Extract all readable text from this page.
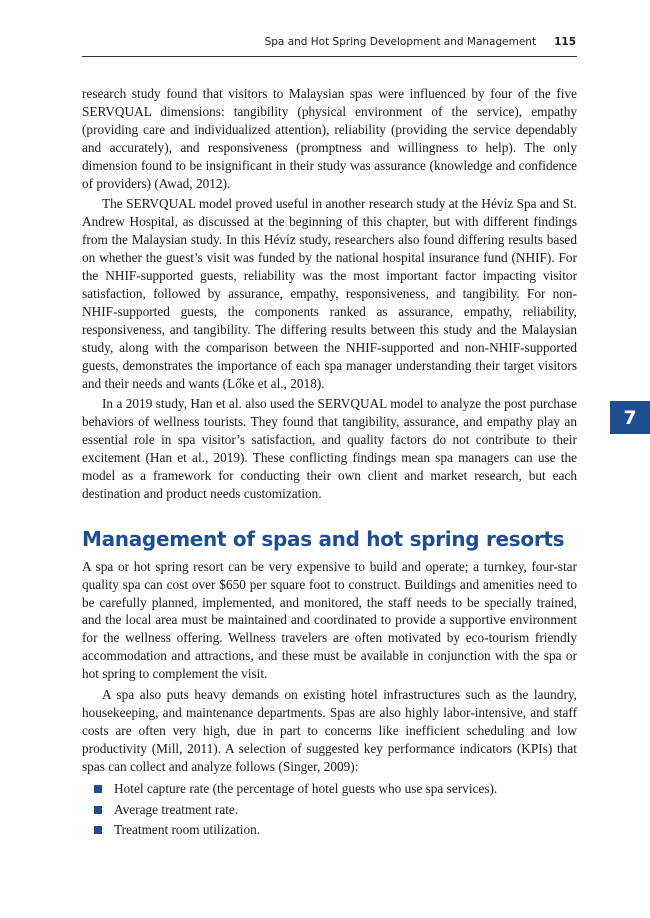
Spa and Hot Spring Development and Management 115

research study found that visitors to Malaysian spas were influenced by four of the five SERVQUAL dimensions: tangibility (physical environment of the service), empathy (providing care and individualized attention), reliability (providing the service dependably and accurately), and responsiveness (promptness and willingness to help). The only dimension found to be insignificant in their study was assurance (knowledge and confidence of providers) (Awad, 2012).

The SERVQUAL model proved useful in another research study at the Hévíz Spa and St. Andrew Hospital, as discussed at the beginning of this chapter, but with different findings from the Malaysian study. In this Hévíz study, researchers also found differing results based on whether the guest’s visit was funded by the national hospital insurance fund (NHIF). For the NHIF-supported guests, reliability was the most important factor impacting visitor satisfaction, followed by assurance, empathy, responsiveness, and tangibility. For non-NHIF-supported guests, the components ranked as assurance, empathy, reliability, responsiveness, and tangibility. The differing results between this study and the Malaysian study, along with the comparison between the NHIF-supported and non-NHIF-supported guests, demonstrates the importance of each spa manager understanding their target visitors and their needs and wants (Lőke et al., 2018).

In a 2019 study, Han et al. also used the SERVQUAL model to analyze the post purchase behaviors of wellness tourists. They found that tangibility, assurance, and empathy play an essential role in spa visitor’s satisfaction, and quality factors do not contribute to their excitement (Han et al., 2019). These conflicting findings mean spa managers can use the model as a framework for conducting their own client and market research, but each destination and product needs customization.

Management of spas and hot spring resorts

A spa or hot spring resort can be very expensive to build and operate; a turnkey, four-star quality spa can cost over $650 per square foot to construct. Buildings and amenities need to be carefully planned, implemented, and monitored, the staff needs to be specially trained, and the local area must be maintained and coordinated to provide a supportive environment for the wellness offering. Wellness travelers are often motivated by eco-tourism friendly accommodation and attractions, and these must be available in conjunction with the spa or hot spring to complement the visit.

A spa also puts heavy demands on existing hotel infrastructures such as the laundry, housekeeping, and maintenance departments. Spas are also highly labor-intensive, and staff costs are often very high, due in part to concerns like inefficient scheduling and low productivity (Mill, 2011). A selection of suggested key performance indicators (KPIs) that spas can collect and analyze follows (Singer, 2009):

Hotel capture rate (the percentage of hotel guests who use spa services).
Average treatment rate.
Treatment room utilization.
7
